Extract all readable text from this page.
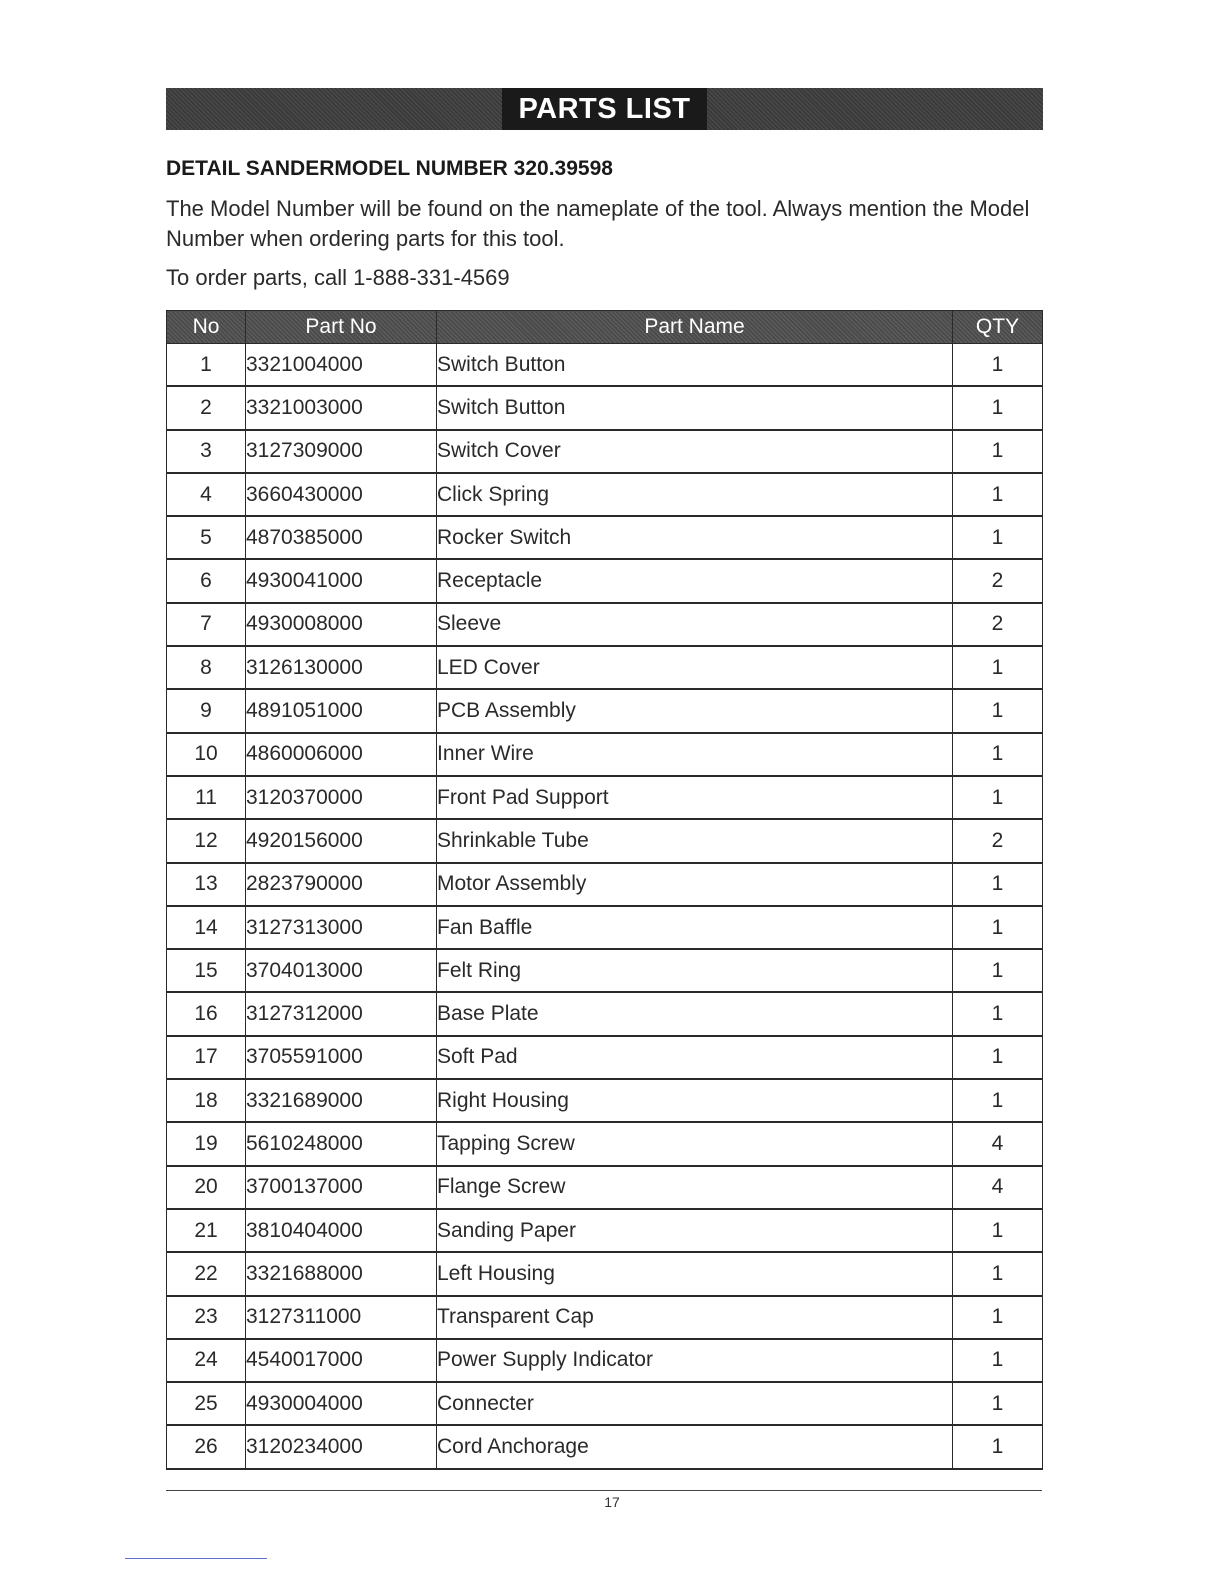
PARTS LIST
DETAIL SANDERMODEL NUMBER 320.39598
The Model Number will be found on the nameplate of the tool. Always mention the Model Number when ordering parts for this tool.
To order parts, call 1-888-331-4569
No	Part No	Part Name	QTY
1	3321004000	Switch Button	1
2	3321003000	Switch Button	1
3	3127309000	Switch Cover	1
4	3660430000	Click Spring	1
5	4870385000	Rocker Switch	1
6	4930041000	Receptacle	2
7	4930008000	Sleeve	2
8	3126130000	LED Cover	1
9	4891051000	PCB Assembly	1
10	4860006000	Inner Wire	1
11	3120370000	Front Pad Support	1
12	4920156000	Shrinkable Tube	2
13	2823790000	Motor Assembly	1
14	3127313000	Fan Baffle	1
15	3704013000	Felt Ring	1
16	3127312000	Base Plate	1
17	3705591000	Soft Pad	1
18	3321689000	Right Housing	1
19	5610248000	Tapping Screw	4
20	3700137000	Flange Screw	4
21	3810404000	Sanding Paper	1
22	3321688000	Left Housing	1
23	3127311000	Transparent Cap	1
24	4540017000	Power Supply Indicator	1
25	4930004000	Connecter	1
26	3120234000	Cord Anchorage	1
17
